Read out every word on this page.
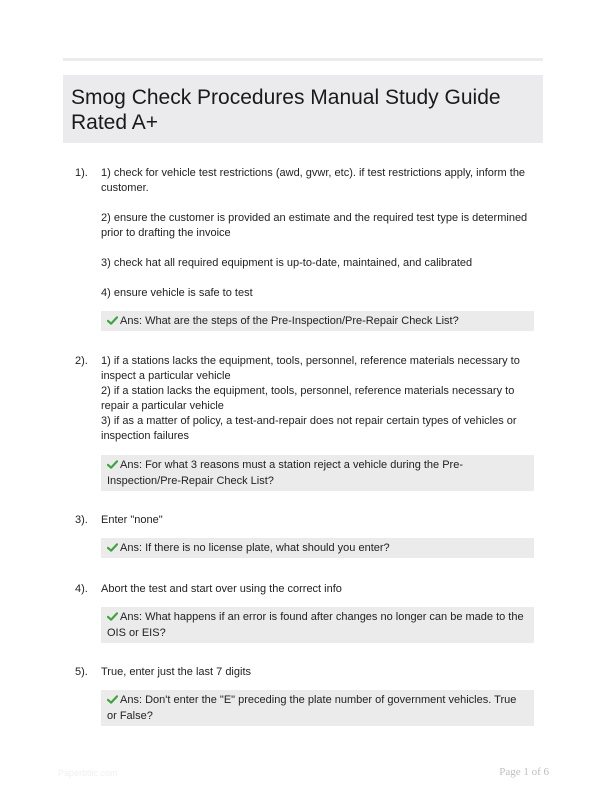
Smog Check Procedures Manual Study Guide Rated A+
1). 1) check for vehicle test restrictions (awd, gvwr, etc). if test restrictions apply, inform the customer.

2) ensure the customer is provided an estimate and the required test type is determined prior to drafting the invoice

3) check hat all required equipment is up-to-date, maintained, and calibrated

4) ensure vehicle is safe to test

Ans: What are the steps of the Pre-Inspection/Pre-Repair Check List?
2). 1) if a stations lacks the equipment, tools, personnel, reference materials necessary to inspect a particular vehicle

2) if a station lacks the equipment, tools, personnel, reference materials necessary to repair a particular vehicle

3) if as a matter of policy, a test-and-repair does not repair certain types of vehicles or inspection failures

Ans: For what 3 reasons must a station reject a vehicle during the Pre-Inspection/Pre-Repair Check List?
3). Enter "none"

Ans: If there is no license plate, what should you enter?
4). Abort the test and start over using the correct info

Ans: What happens if an error is found after changes no longer can be made to the OIS or EIS?
5). True, enter just the last 7 digits

Ans: Don't enter the "E" preceding the plate number of government vehicles. True or False?
Paperbtlic.com	Page 1 of 6
